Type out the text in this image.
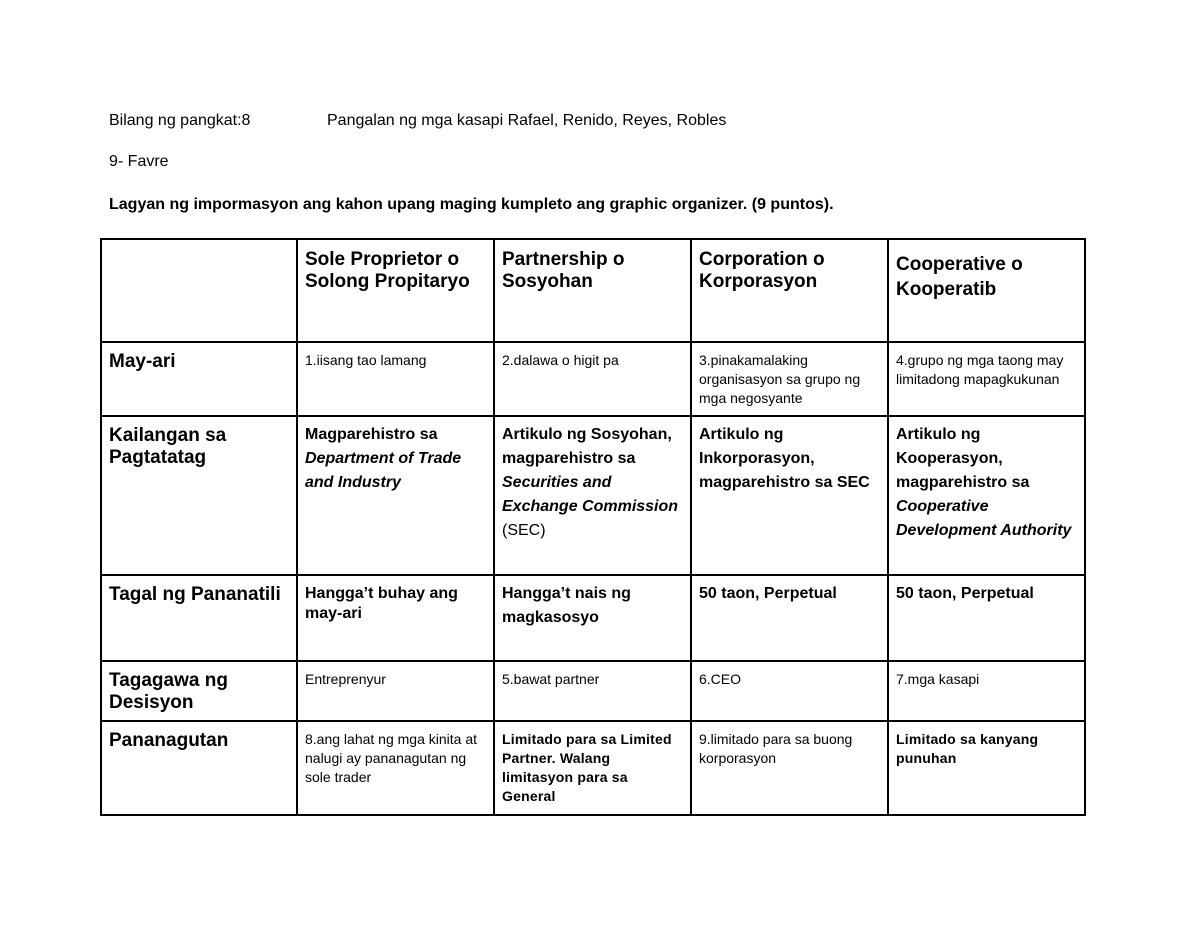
Bilang ng pangkat:8	Pangalan ng mga kasapi Rafael, Renido, Reyes, Robles
9- Favre
Lagyan ng impormasyon ang kahon upang maging kumpleto ang graphic organizer. (9 puntos).

	Sole Proprietor o Solong Propitaryo	Partnership o Sosyohan	Corporation o Korporasyon	Cooperative o Kooperatib

May-ari	1.iisang tao lamang	2.dalawa o higit pa	3.pinakamalaking organisasyon sa grupo ng mga negosyante	4.grupo ng mga taong may limitadong mapagkukunan

Kailangan sa Pagtatatag	Magparehistro sa Department of Trade and Industry	Artikulo ng Sosyohan, magparehistro sa Securities and Exchange Commission (SEC)	Artikulo ng Inkorporasyon, magparehistro sa SEC	Artikulo ng Kooperasyon, magparehistro sa Cooperative Development Authority

Tagal ng Pananatili	Hangga’t buhay ang may-ari	Hangga’t nais ng magkasosyo	50 taon, Perpetual	50 taon, Perpetual

Tagagawa ng Desisyon	Entreprenyur	5.bawat partner	6.CEO	7.mga kasapi

Pananagutan	8.ang lahat ng mga kinita at nalugi ay pananagutan ng sole trader	Limitado para sa Limited Partner. Walang limitasyon para sa General	9.limitado para sa buong korporasyon	Limitado sa kanyang punuhan
